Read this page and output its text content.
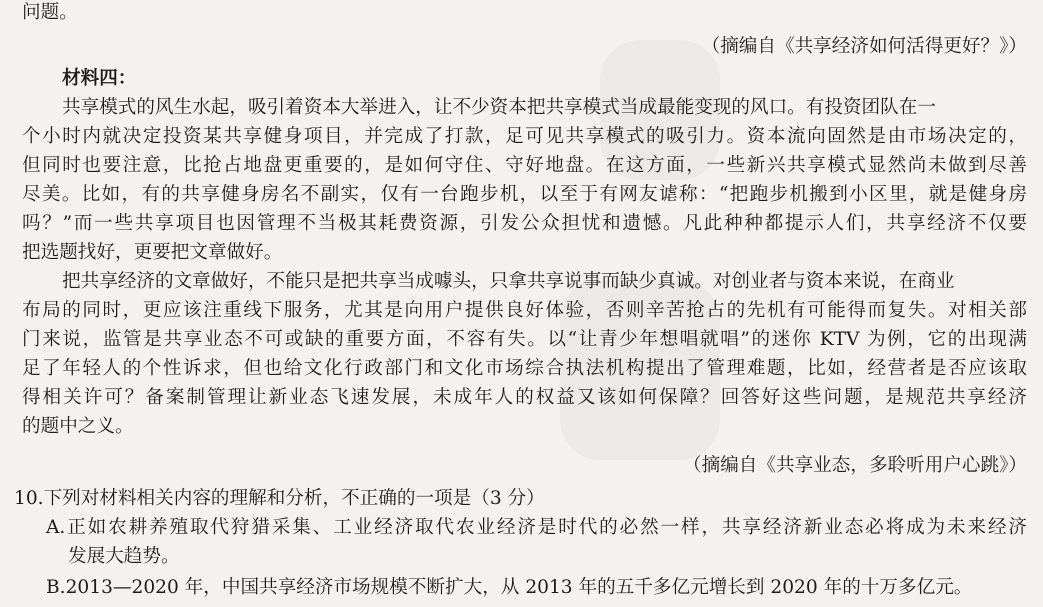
问题。
（摘编自《共享经济如何活得更好？》）
材料四：
共享模式的风生水起，吸引着资本大举进入，让不少资本把共享模式当成最能变现的风口。有投资团队在一
个小时内就决定投资某共享健身项目，并完成了打款，足可见共享模式的吸引力。资本流向固然是由市场决定的，
但同时也要注意，比抢占地盘更重要的，是如何守住、守好地盘。在这方面，一些新兴共享模式显然尚未做到尽善
尽美。比如，有的共享健身房名不副实，仅有一台跑步机，以至于有网友谑称：“把跑步机搬到小区里，就是健身房
吗？”而一些共享项目也因管理不当极其耗费资源，引发公众担忧和遗憾。凡此种种都提示人们，共享经济不仅要
把选题找好，更要把文章做好。
把共享经济的文章做好，不能只是把共享当成噱头，只拿共享说事而缺少真诚。对创业者与资本来说，在商业
布局的同时，更应该注重线下服务，尤其是向用户提供良好体验，否则辛苦抢占的先机有可能得而复失。对相关部
门来说，监管是共享业态不可或缺的重要方面，不容有失。以“让青少年想唱就唱”的迷你 KTV 为例，它的出现满
足了年轻人的个性诉求，但也给文化行政部门和文化市场综合执法机构提出了管理难题，比如，经营者是否应该取
得相关许可？备案制管理让新业态飞速发展，未成年人的权益又该如何保障？回答好这些问题，是规范共享经济
的题中之义。
（摘编自《共享业态，多聆听用户心跳》）
10.下列对材料相关内容的理解和分析，不正确的一项是（3 分）
A.正如农耕养殖取代狩猎采集、工业经济取代农业经济是时代的必然一样，共享经济新业态必将成为未来经济
发展大趋势。
B.2013—2020 年，中国共享经济市场规模不断扩大，从 2013 年的五千多亿元增长到 2020 年的十万多亿元。
